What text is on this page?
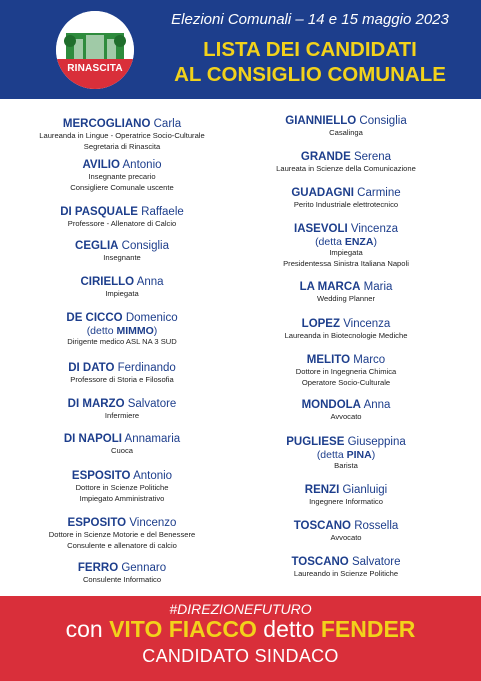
RINASCITA
Elezioni Comunali – 14 e 15 maggio 2023
LISTA DEI CANDIDATI
AL CONSIGLIO COMUNALE
MERCOGLIANO Carla
Laureanda in Lingue - Operatrice Socio-Culturale
Segretaria di Rinascita
AVILIO Antonio
Insegnante precario
Consigliere Comunale uscente
DI PASQUALE Raffaele
Professore - Allenatore di Calcio
CEGLIA Consiglia
Insegnante
CIRIELLO Anna
Impiegata
DE CICCO Domenico
(detto MIMMO)
Dirigente medico ASL NA 3 SUD
DI DATO Ferdinando
Professore di Storia e Filosofia
DI MARZO Salvatore
Infermiere
DI NAPOLI Annamaria
Cuoca
ESPOSITO Antonio
Dottore in Scienze Politiche
Impiegato Amministrativo
ESPOSITO Vincenzo
Dottore in Scienze Motorie e del Benessere
Consulente e allenatore di calcio
FERRO Gennaro
Consulente Informatico
GIANNIELLO Consiglia
Casalinga
GRANDE Serena
Laureata in Scienze della Comunicazione
GUADAGNI Carmine
Perito Industriale elettrotecnico
IASEVOLI Vincenza
(detta ENZA)
Impiegata
Presidentessa Sinistra Italiana Napoli
LA MARCA Maria
Wedding Planner
LOPEZ Vincenza
Laureanda in Biotecnologie Mediche
MELITO Marco
Dottore in Ingegneria Chimica
Operatore Socio-Culturale
MONDOLA Anna
Avvocato
PUGLIESE Giuseppina
(detta PINA)
Barista
RENZI Gianluigi
Ingegnere Informatico
TOSCANO Rossella
Avvocato
TOSCANO Salvatore
Laureando in Scienze Politiche
#DIREZIONEFUTURO
con VITO FIACCO detto FENDER
CANDIDATO SINDACO
